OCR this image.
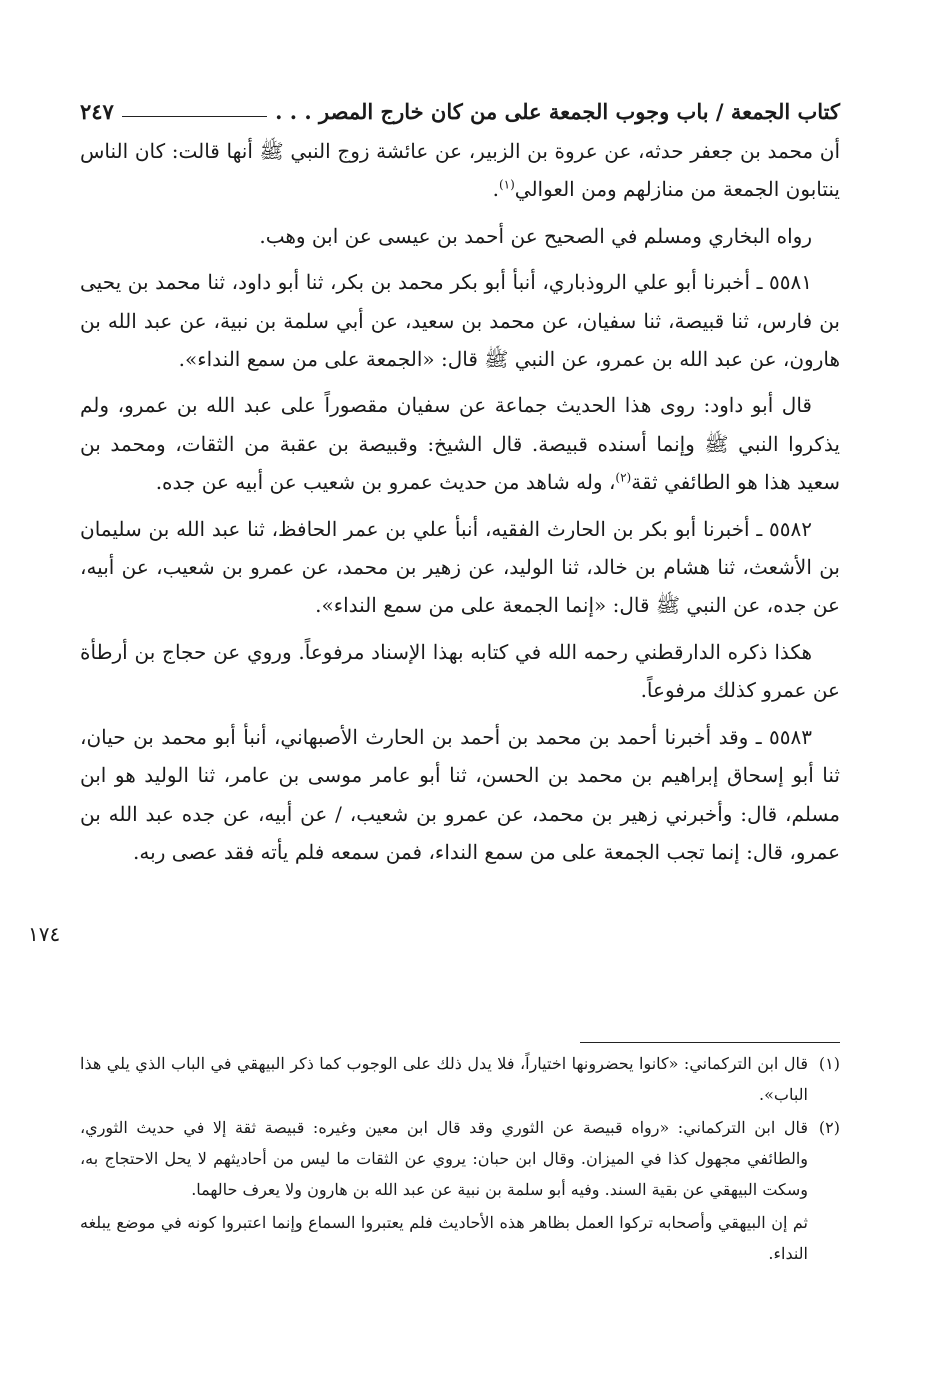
كتاب الجمعة / باب وجوب الجمعة على من كان خارج المصر . . .
٢٤٧

أن محمد بن جعفر حدثه، عن عروة بن الزبير، عن عائشة زوج النبي ﷺ أنها قالت: كان الناس ينتابون الجمعة من منازلهم ومن العوالي$^{(١)}$.

رواه البخاري ومسلم في الصحيح عن أحمد بن عيسى عن ابن وهب.

٥٥٨١ ـ أخبرنا أبو علي الروذباري، أنبأ أبو بكر محمد بن بكر، ثنا أبو داود، ثنا محمد بن يحيى بن فارس، ثنا قبيصة، ثنا سفيان، عن محمد بن سعيد، عن أبي سلمة بن نبية، عن عبد الله بن هارون، عن عبد الله بن عمرو، عن النبي ﷺ قال: «الجمعة على من سمع النداء».

قال أبو داود: روى هذا الحديث جماعة عن سفيان مقصوراً على عبد الله بن عمرو، ولم يذكروا النبي ﷺ وإنما أسنده قبيصة. قال الشيخ: وقبيصة بن عقبة من الثقات، ومحمد بن سعيد هذا هو الطائفي ثقة$^{(٢)}$، وله شاهد من حديث عمرو بن شعيب عن أبيه عن جده.

٥٥٨٢ ـ أخبرنا أبو بكر بن الحارث الفقيه، أنبأ علي بن عمر الحافظ، ثنا عبد الله بن سليمان بن الأشعث، ثنا هشام بن خالد، ثنا الوليد، عن زهير بن محمد، عن عمرو بن شعيب، عن أبيه، عن جده، عن النبي ﷺ قال: «إنما الجمعة على من سمع النداء».

هكذا ذكره الدارقطني رحمه الله في كتابه بهذا الإسناد مرفوعاً. وروي عن حجاج بن أرطأة عن عمرو كذلك مرفوعاً.

٥٥٨٣ ـ وقد أخبرنا أحمد بن محمد بن أحمد بن الحارث الأصبهاني، أنبأ أبو محمد بن حيان، ثنا أبو إسحاق إبراهيم بن محمد بن الحسن، ثنا أبو عامر موسى بن عامر، ثنا الوليد هو ابن مسلم، قال: وأخبرني زهير بن محمد، عن عمرو بن شعيب، / عن أبيه، عن جده عبد الله بن عمرو، قال: إنما تجب الجمعة على من سمع النداء، فمن سمعه فلم يأته فقد عصى ربه.

١٧٤
(١)
قال ابن التركماني: «كانوا يحضرونها اختياراً، فلا يدل ذلك على الوجوب كما ذكر البيهقي في الباب الذي يلي هذا الباب».
(٢)
قال ابن التركماني: «رواه قبيصة عن الثوري وقد قال ابن معين وغيره: قبيصة ثقة إلا في حديث الثوري، والطائفي مجهول كذا في الميزان. وقال ابن حبان: يروي عن الثقات ما ليس من أحاديثهم لا يحل الاحتجاج به، وسكت البيهقي عن بقية السند. وفيه أبو سلمة بن نبية عن عبد الله بن هارون ولا يعرف حالهما.
ثم إن البيهقي وأصحابه تركوا العمل بظاهر هذه الأحاديث فلم يعتبروا السماع وإنما اعتبروا كونه في موضع يبلغه النداء.
